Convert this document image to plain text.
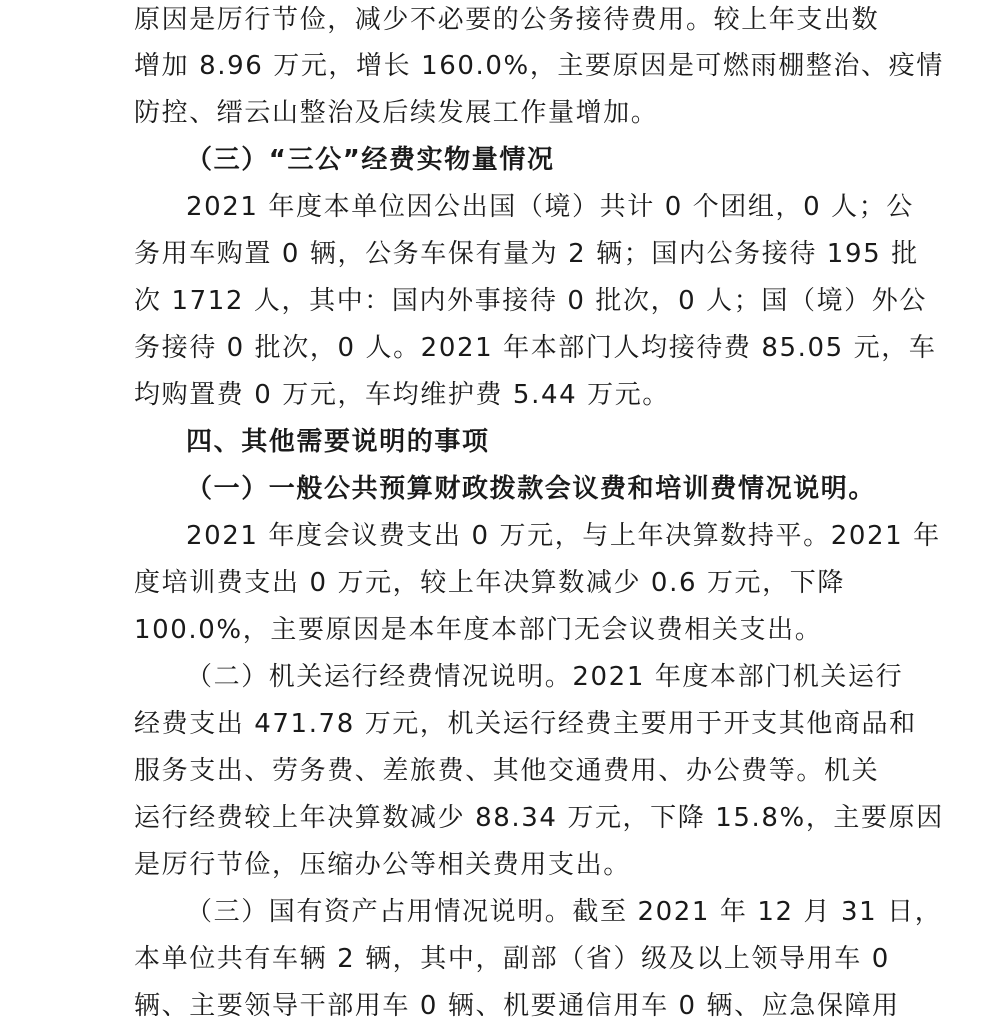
原因是厉行节俭，减少不必要的公务接待费用。较上年支出数
增加 8.96 万元，增长 160.0%，主要原因是可燃雨棚整治、疫情
防控、缙云山整治及后续发展工作量增加。
（三）“三公”经费实物量情况
2021 年度本单位因公出国（境）共计 0 个团组，0 人；公
务用车购置 0 辆，公务车保有量为 2 辆；国内公务接待 195 批
次 1712 人，其中：国内外事接待 0 批次，0 人；国（境）外公
务接待 0 批次，0 人。2021 年本部门人均接待费 85.05 元，车
均购置费 0 万元，车均维护费 5.44 万元。
四、其他需要说明的事项
（一）一般公共预算财政拨款会议费和培训费情况说明。
2021 年度会议费支出 0 万元，与上年决算数持平。2021 年
度培训费支出 0 万元，较上年决算数减少 0.6 万元，下降
100.0%，主要原因是本年度本部门无会议费相关支出。
（二）机关运行经费情况说明。2021 年度本部门机关运行
经费支出 471.78 万元，机关运行经费主要用于开支其他商品和
服务支出、劳务费、差旅费、其他交通费用、办公费等。机关
运行经费较上年决算数减少 88.34 万元，下降 15.8%，主要原因
是厉行节俭，压缩办公等相关费用支出。
（三）国有资产占用情况说明。截至 2021 年 12 月 31 日，
本单位共有车辆 2 辆，其中，副部（省）级及以上领导用车 0
辆、主要领导干部用车 0 辆、机要通信用车 0 辆、应急保障用
